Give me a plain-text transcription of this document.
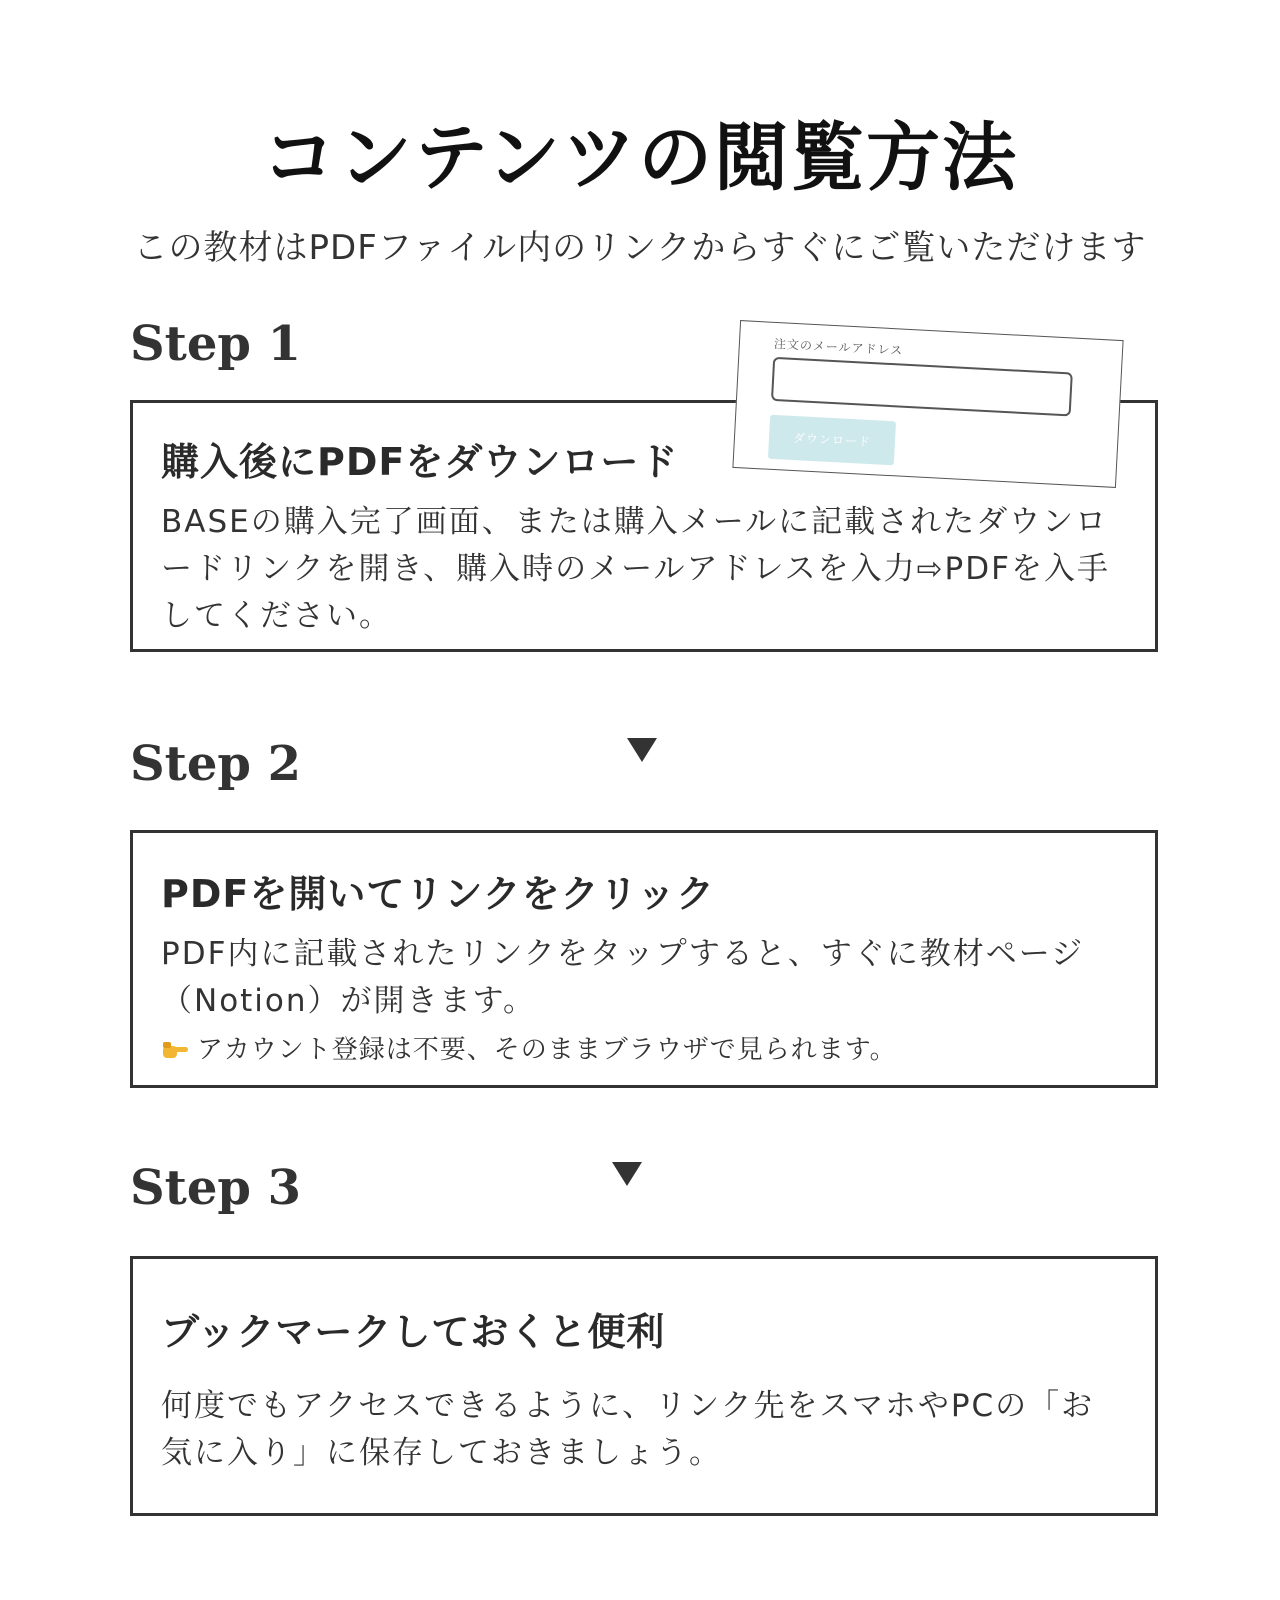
コンテンツの閲覧方法
この教材はPDFファイル内のリンクからすぐにご覧いただけます
Step 1
購入後にPDFをダウンロード
BASEの購入完了画面、または購入メールに記載されたダウンロードリンクを開き、購入時のメールアドレスを入力⇨PDFを入手してください。
注文のメールアドレス
ダウンロード
Step 2
PDFを開いてリンクをクリック
PDF内に記載されたリンクをタップすると、すぐに教材ページ（Notion）が開きます。
アカウント登録は不要、そのままブラウザで見られます。
Step 3
ブックマークしておくと便利
何度でもアクセスできるように、リンク先をスマホやPCの「お気に入り」に保存しておきましょう。
